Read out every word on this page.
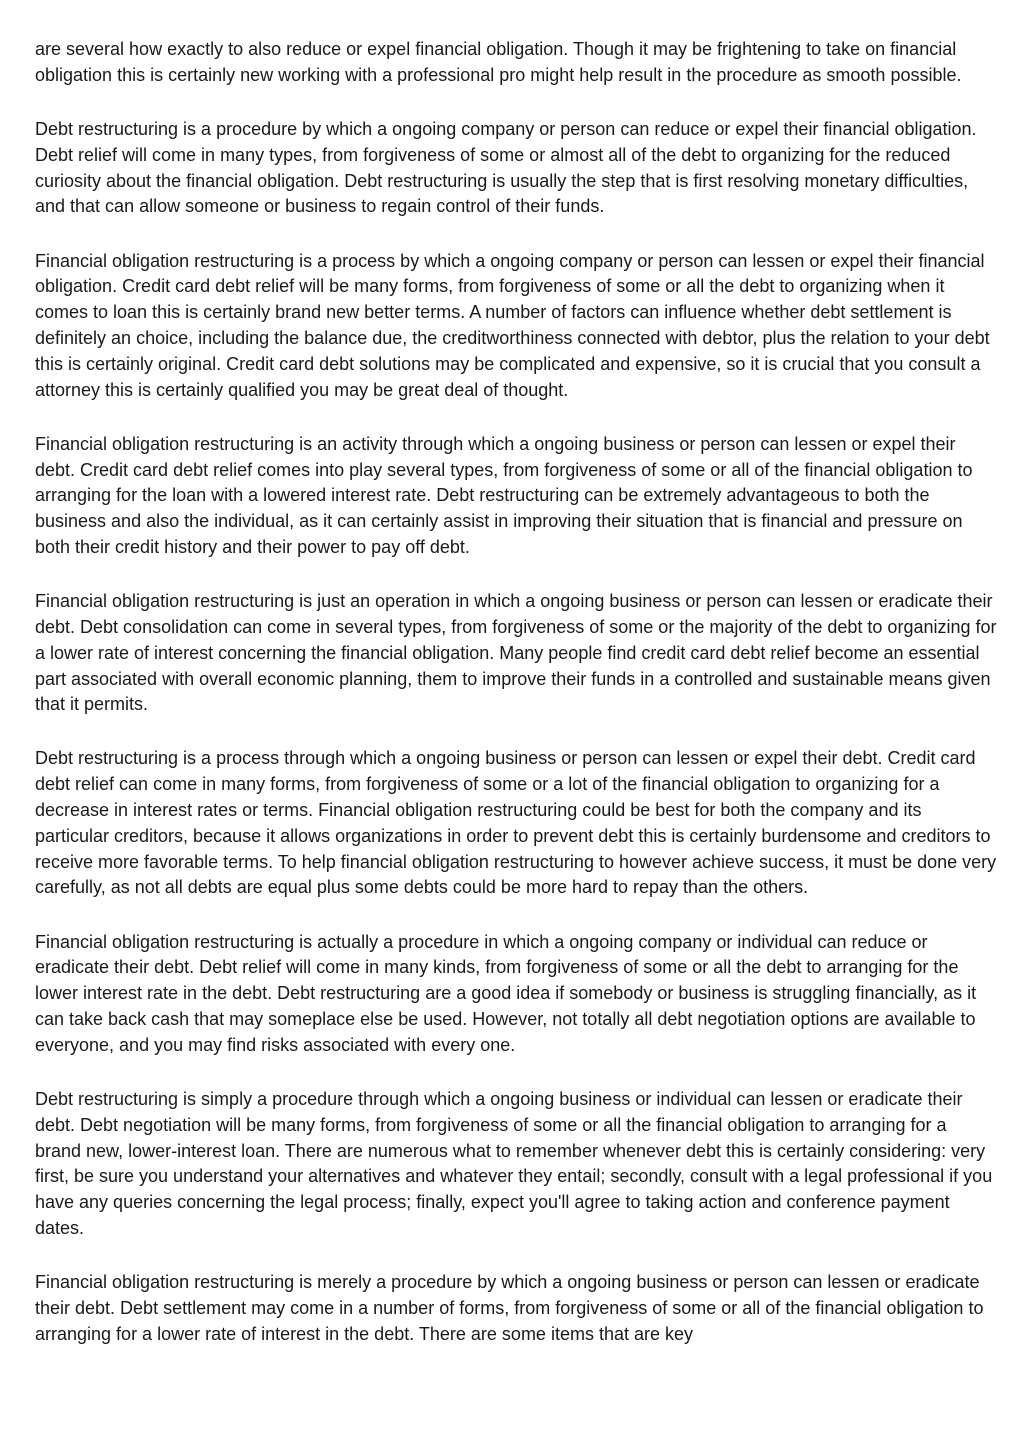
are several how exactly to also reduce or expel financial obligation. Though it may be frightening to take on financial obligation this is certainly new working with a professional pro might help result in the procedure as smooth possible.

Debt restructuring is a procedure by which a ongoing company or person can reduce or expel their financial obligation. Debt relief will come in many types, from forgiveness of some or almost all of the debt to organizing for the reduced curiosity about the financial obligation. Debt restructuring is usually the step that is first resolving monetary difficulties, and that can allow someone or business to regain control of their funds.

Financial obligation restructuring is a process by which a ongoing company or person can lessen or expel their financial obligation. Credit card debt relief will be many forms, from forgiveness of some or all the debt to organizing when it comes to loan this is certainly brand new better terms. A number of factors can influence whether debt settlement is definitely an choice, including the balance due, the creditworthiness connected with debtor, plus the relation to your debt this is certainly original. Credit card debt solutions may be complicated and expensive, so it is crucial that you consult a attorney this is certainly qualified you may be great deal of thought.

Financial obligation restructuring is an activity through which a ongoing business or person can lessen or expel their debt. Credit card debt relief comes into play several types, from forgiveness of some or all of the financial obligation to arranging for the loan with a lowered interest rate. Debt restructuring can be extremely advantageous to both the business and also the individual, as it can certainly assist in improving their situation that is financial and pressure on both their credit history and their power to pay off debt.

Financial obligation restructuring is just an operation in which a ongoing business or person can lessen or eradicate their debt. Debt consolidation can come in several types, from forgiveness of some or the majority of the debt to organizing for a lower rate of interest concerning the financial obligation. Many people find credit card debt relief become an essential part associated with overall economic planning, them to improve their funds in a controlled and sustainable means given that it permits.

Debt restructuring is a process through which a ongoing business or person can lessen or expel their debt. Credit card debt relief can come in many forms, from forgiveness of some or a lot of the financial obligation to organizing for a decrease in interest rates or terms. Financial obligation restructuring could be best for both the company and its particular creditors, because it allows organizations in order to prevent debt this is certainly burdensome and creditors to receive more favorable terms. To help financial obligation restructuring to however achieve success, it must be done very carefully, as not all debts are equal plus some debts could be more hard to repay than the others.

Financial obligation restructuring is actually a procedure in which a ongoing company or individual can reduce or eradicate their debt. Debt relief will come in many kinds, from forgiveness of some or all the debt to arranging for the lower interest rate in the debt. Debt restructuring are a good idea if somebody or business is struggling financially, as it can take back cash that may someplace else be used. However, not totally all debt negotiation options are available to everyone, and you may find risks associated with every one.

Debt restructuring is simply a procedure through which a ongoing business or individual can lessen or eradicate their debt. Debt negotiation will be many forms, from forgiveness of some or all the financial obligation to arranging for a brand new, lower-interest loan. There are numerous what to remember whenever debt this is certainly considering: very first, be sure you understand your alternatives and whatever they entail; secondly, consult with a legal professional if you have any queries concerning the legal process; finally, expect you'll agree to taking action and conference payment dates.

Financial obligation restructuring is merely a procedure by which a ongoing business or person can lessen or eradicate their debt. Debt settlement may come in a number of forms, from forgiveness of some or all of the financial obligation to arranging for a lower rate of interest in the debt. There are some items that are key
